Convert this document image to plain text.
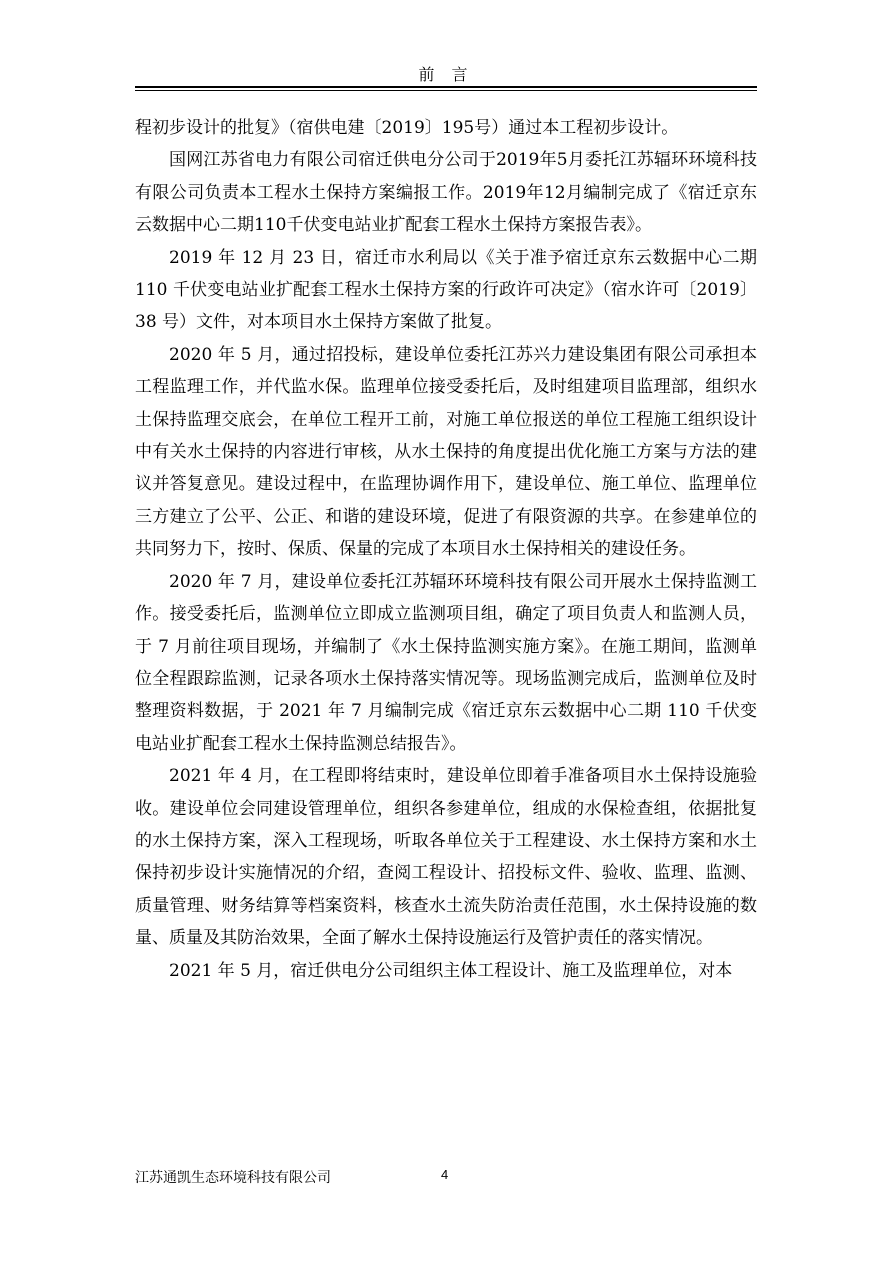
前 言

程初步设计的批复》（宿供电建〔2019〕195号）通过本工程初步设计。

国网江苏省电力有限公司宿迁供电分公司于2019年5月委托江苏辐环环境科技有限公司负责本工程水土保持方案编报工作。2019年12月编制完成了《宿迁京东云数据中心二期110千伏变电站业扩配套工程水土保持方案报告表》。

2019 年 12 月 23 日，宿迁市水利局以《关于准予宿迁京东云数据中心二期 110 千伏变电站业扩配套工程水土保持方案的行政许可决定》（宿水许可〔2019〕38 号）文件，对本项目水土保持方案做了批复。

2020 年 5 月，通过招投标，建设单位委托江苏兴力建设集团有限公司承担本工程监理工作，并代监水保。监理单位接受委托后，及时组建项目监理部，组织水土保持监理交底会，在单位工程开工前，对施工单位报送的单位工程施工组织设计中有关水土保持的内容进行审核，从水土保持的角度提出优化施工方案与方法的建议并答复意见。建设过程中，在监理协调作用下，建设单位、施工单位、监理单位三方建立了公平、公正、和谐的建设环境，促进了有限资源的共享。在参建单位的共同努力下，按时、保质、保量的完成了本项目水土保持相关的建设任务。

2020 年 7 月，建设单位委托江苏辐环环境科技有限公司开展水土保持监测工作。接受委托后，监测单位立即成立监测项目组，确定了项目负责人和监测人员，于 7 月前往项目现场，并编制了《水土保持监测实施方案》。在施工期间，监测单位全程跟踪监测，记录各项水土保持落实情况等。现场监测完成后，监测单位及时整理资料数据，于 2021 年 7 月编制完成《宿迁京东云数据中心二期 110 千伏变电站业扩配套工程水土保持监测总结报告》。

2021 年 4 月，在工程即将结束时，建设单位即着手准备项目水土保持设施验收。建设单位会同建设管理单位，组织各参建单位，组成的水保检查组，依据批复的水土保持方案，深入工程现场，听取各单位关于工程建设、水土保持方案和水土保持初步设计实施情况的介绍，查阅工程设计、招投标文件、验收、监理、监测、质量管理、财务结算等档案资料，核查水土流失防治责任范围，水土保持设施的数量、质量及其防治效果，全面了解水土保持设施运行及管护责任的落实情况。

2021 年 5 月，宿迁供电分公司组织主体工程设计、施工及监理单位，对本

江苏通凯生态环境科技有限公司	4
